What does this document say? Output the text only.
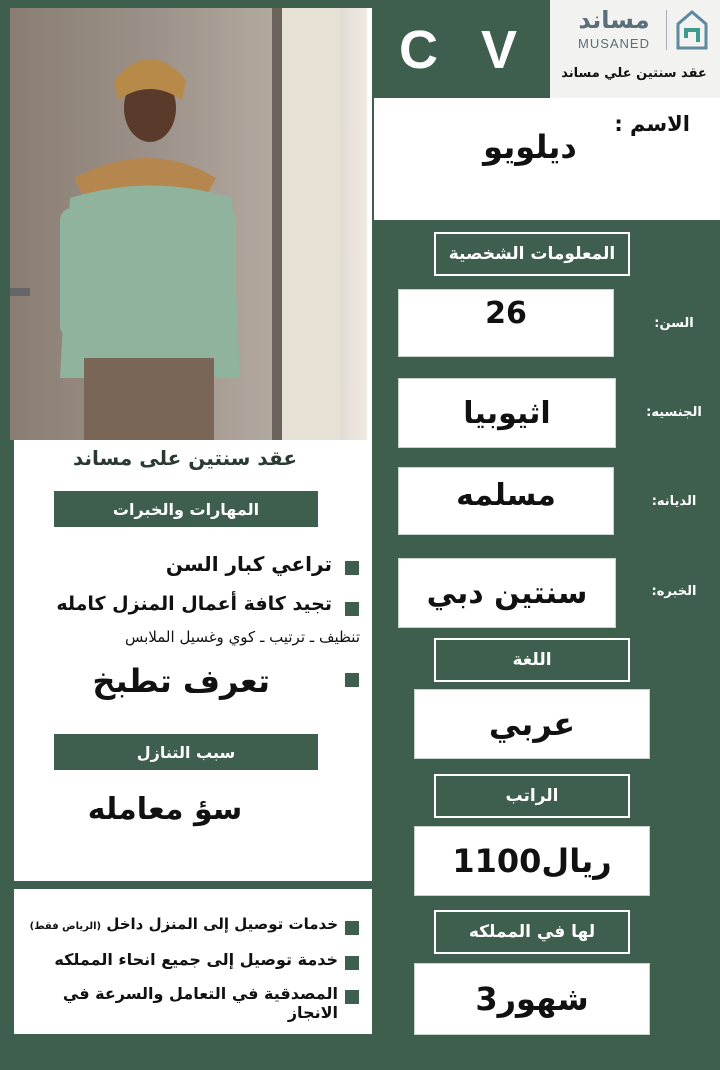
C V	مساند
MUSANED
عقد سنتين علي مساند
الاسم :
ديلويو
المعلومات الشخصية
26	السن:
اثيوبيا	الجنسيه:
مسلمه	الديانه:
سنتين دبي	الخبره:
اللغة
عربي
الراتب
1100ريال
لها في المملكه
3شهور
عقد سنتين على مساند
المهارات والخبرات
تراعي كبار السن
تجيد كافة أعمال المنزل كامله
تنظيف ـ ترتيب ـ كوي وغسيل الملابس
تعرف تطبخ
سبب التنازل
سؤ معامله
خدمات توصيل إلى المنزل داخل (الرياض فقط)
خدمة توصيل إلى جميع انحاء المملكه
المصدقية في التعامل والسرعة في الانجاز
